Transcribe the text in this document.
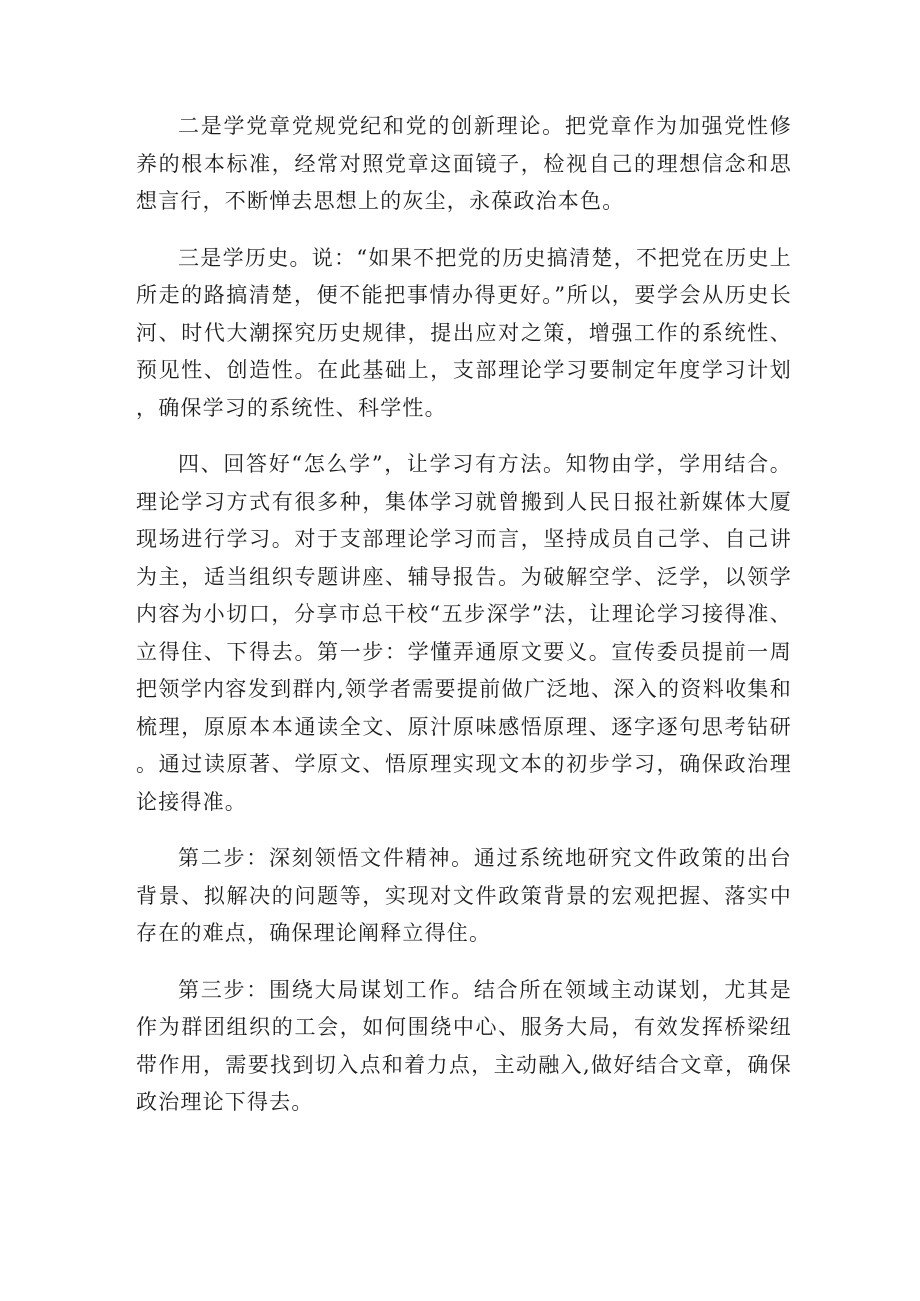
二是学党章党规党纪和党的创新理论。把党章作为加强党性修养的根本标准，经常对照党章这面镜子，检视自己的理想信念和思想言行，不断惮去思想上的灰尘，永葆政治本色。

三是学历史。说：“如果不把党的历史搞清楚，不把党在历史上所走的路搞清楚，便不能把事情办得更好。”所以，要学会从历史长河、时代大潮探究历史规律，提出应对之策，增强工作的系统性、预见性、创造性。在此基础上，支部理论学习要制定年度学习计划，确保学习的系统性、科学性。

四、回答好“怎么学”，让学习有方法。知物由学，学用结合。理论学习方式有很多种，集体学习就曾搬到人民日报社新媒体大厦现场进行学习。对于支部理论学习而言，坚持成员自己学、自己讲为主，适当组织专题讲座、辅导报告。为破解空学、泛学，以领学内容为小切口，分享市总干校“五步深学”法，让理论学习接得准、立得住、下得去。第一步：学懂弄通原文要义。宣传委员提前一周把领学内容发到群内,领学者需要提前做广泛地、深入的资料收集和梳理，原原本本通读全文、原汁原味感悟原理、逐字逐句思考钻研。通过读原著、学原文、悟原理实现文本的初步学习，确保政治理论接得准。

第二步：深刻领悟文件精神。通过系统地研究文件政策的出台背景、拟解决的问题等，实现对文件政策背景的宏观把握、落实中存在的难点，确保理论阐释立得住。

第三步：围绕大局谋划工作。结合所在领域主动谋划，尤其是作为群团组织的工会，如何围绕中心、服务大局，有效发挥桥梁纽带作用，需要找到切入点和着力点，主动融入,做好结合文章，确保政治理论下得去。
